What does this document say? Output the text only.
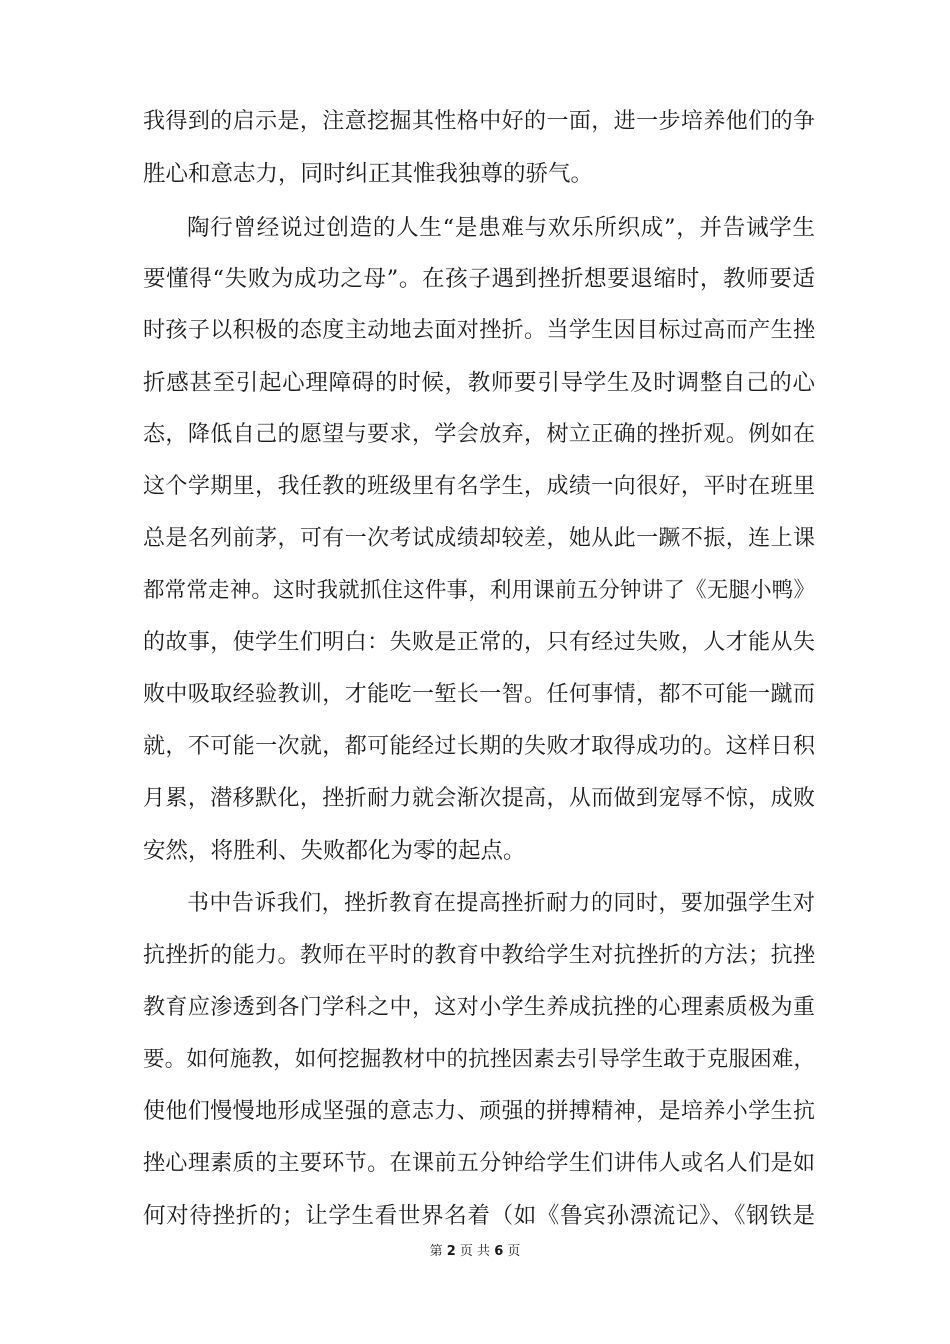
我得到的启示是，注意挖掘其性格中好的一面，进一步培养他们的争
胜心和意志力，同时纠正其惟我独尊的骄气。
陶行曾经说过创造的人生“是患难与欢乐所织成”，并告诫学生
要懂得“失败为成功之母”。在孩子遇到挫折想要退缩时，教师要适
时孩子以积极的态度主动地去面对挫折。当学生因目标过高而产生挫
折感甚至引起心理障碍的时候，教师要引导学生及时调整自己的心
态，降低自己的愿望与要求，学会放弃，树立正确的挫折观。例如在
这个学期里，我任教的班级里有名学生，成绩一向很好，平时在班里
总是名列前茅，可有一次考试成绩却较差，她从此一蹶不振，连上课
都常常走神。这时我就抓住这件事，利用课前五分钟讲了《无腿小鸭》
的故事，使学生们明白：失败是正常的，只有经过失败，人才能从失
败中吸取经验教训，才能吃一堑长一智。任何事情，都不可能一蹴而
就，不可能一次就，都可能经过长期的失败才取得成功的。这样日积
月累，潜移默化，挫折耐力就会渐次提高，从而做到宠辱不惊，成败
安然，将胜利、失败都化为零的起点。
书中告诉我们，挫折教育在提高挫折耐力的同时，要加强学生对
抗挫折的能力。教师在平时的教育中教给学生对抗挫折的方法；抗挫
教育应渗透到各门学科之中，这对小学生养成抗挫的心理素质极为重
要。如何施教，如何挖掘教材中的抗挫因素去引导学生敢于克服困难，
使他们慢慢地形成坚强的意志力、顽强的拼搏精神，是培养小学生抗
挫心理素质的主要环节。在课前五分钟给学生们讲伟人或名人们是如
何对待挫折的；让学生看世界名着（如《鲁宾孙漂流记》、《钢铁是
第 2 页 共 6 页
